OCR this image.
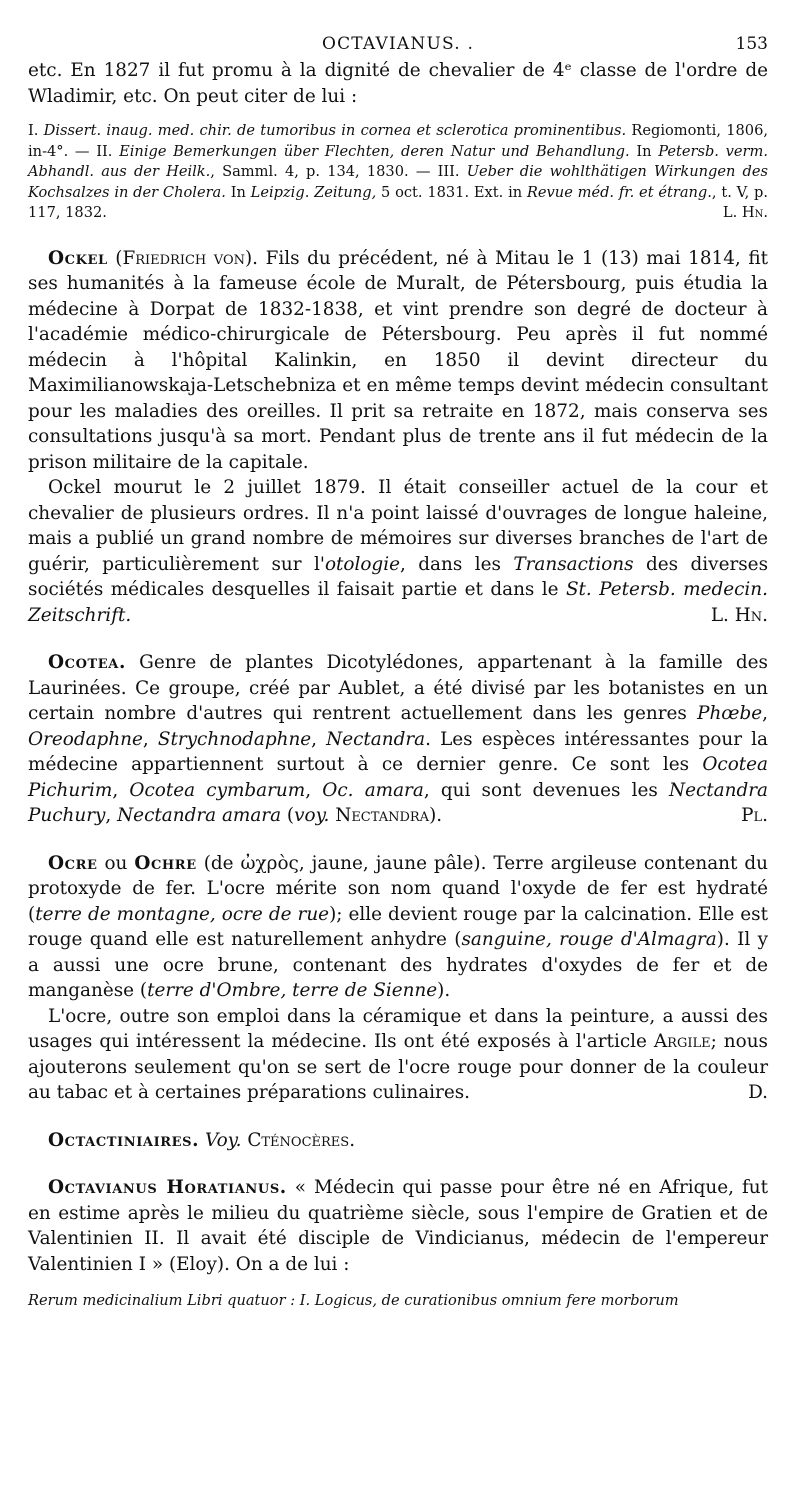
OCTAVIANUS. .	153

etc. En 1827 il fut promu à la dignité de chevalier de 4ᵉ classe de l'ordre de Wladimir, etc. On peut citer de lui :

I. Dissert. inaug. med. chir. de tumoribus in cornea et sclerotica prominentibus. Regiomonti, 1806, in-4°. — II. Einige Bemerkungen über Flechten, deren Natur und Behandlung. In Petersb. verm. Abhandl. aus der Heilk., Samml. 4, p. 134, 1830. — III. Ueber die wohlthätigen Wirkungen des Kochsalzes in der Cholera. In Leipzig. Zeitung, 5 oct. 1831. Ext. in Revue méd. fr. et étrang., t. V, p. 117, 1832.	L. Hn.

Ockel (Friedrich von). Fils du précédent, né à Mitau le 1 (13) mai 1814, fit ses humanités à la fameuse école de Muralt, de Pétersbourg, puis étudia la médecine à Dorpat de 1832-1838, et vint prendre son degré de docteur à l'académie médico-chirurgicale de Pétersbourg. Peu après il fut nommé médecin à l'hôpital Kalinkin, en 1850 il devint directeur du Maximilianowskaja-Letschebniza et en même temps devint médecin consultant pour les maladies des oreilles. Il prit sa retraite en 1872, mais conserva ses consultations jusqu'à sa mort. Pendant plus de trente ans il fut médecin de la prison militaire de la capitale.

Ockel mourut le 2 juillet 1879. Il était conseiller actuel de la cour et chevalier de plusieurs ordres. Il n'a point laissé d'ouvrages de longue haleine, mais a publié un grand nombre de mémoires sur diverses branches de l'art de guérir, particulièrement sur l'otologie, dans les Transactions des diverses sociétés médicales desquelles il faisait partie et dans le St. Petersb. medecin. Zeitschrift.	L. Hn.

Ocotea. Genre de plantes Dicotylédones, appartenant à la famille des Laurinées. Ce groupe, créé par Aublet, a été divisé par les botanistes en un certain nombre d'autres qui rentrent actuellement dans les genres Phœbe, Oreodaphne, Strychnodaphne, Nectandra. Les espèces intéressantes pour la médecine appartiennent surtout à ce dernier genre. Ce sont les Ocotea Pichurim, Ocotea cymbarum, Oc. amara, qui sont devenues les Nectandra Puchury, Nectandra amara (voy. Nectandra).	Pl.

Ocre ou Ochre (de ὠχρὸς, jaune, jaune pâle). Terre argileuse contenant du protoxyde de fer. L'ocre mérite son nom quand l'oxyde de fer est hydraté (terre de montagne, ocre de rue); elle devient rouge par la calcination. Elle est rouge quand elle est naturellement anhydre (sanguine, rouge d'Almagra). Il y a aussi une ocre brune, contenant des hydrates d'oxydes de fer et de manganèse (terre d'Ombre, terre de Sienne).

L'ocre, outre son emploi dans la céramique et dans la peinture, a aussi des usages qui intéressent la médecine. Ils ont été exposés à l'article Argile; nous ajouterons seulement qu'on se sert de l'ocre rouge pour donner de la couleur au tabac et à certaines préparations culinaires.	D.

Octactiniaires. Voy. Cténocères.

Octavianus Horatianus. « Médecin qui passe pour être né en Afrique, fut en estime après le milieu du quatrième siècle, sous l'empire de Gratien et de Valentinien II. Il avait été disciple de Vindicianus, médecin de l'empereur Valentinien I » (Eloy). On a de lui :

Rerum medicinalium Libri quatuor : I. Logicus, de curationibus omnium fere morborum
